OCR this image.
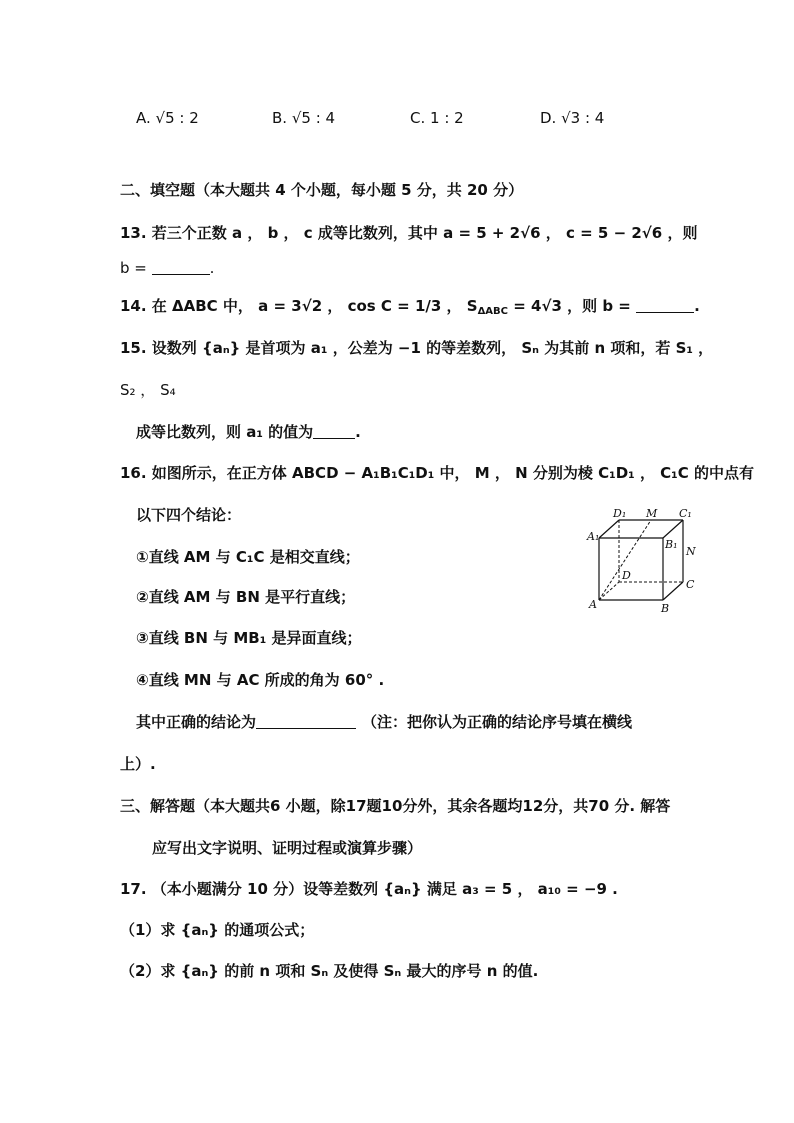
A. √5 : 2	B. √5 : 4	C. 1 : 2	D. √3 : 4
二、填空题（本大题共 4 个小题，每小题 5 分，共 20 分）
13. 若三个正数 a ， b ， c 成等比数列，其中 a = 5 + 2√6 ， c = 5 − 2√6 ，则
b =	.
14. 在 ΔABC 中， a = 3√2 ， cos C = 1/3 ， $S_{\Delta ABC} = 4√3$ ，则 b =	.
15. 设数列 {aₙ} 是首项为 a₁ ，公差为 −1 的等差数列， Sₙ 为其前 n 项和，若 S₁ ，
S₂ ， S₄
成等比数列，则 a₁ 的值为	.
16. 如图所示，在正方体 ABCD − A₁B₁C₁D₁ 中， M ， N 分别为棱 C₁D₁ ， C₁C 的中点有
以下四个结论：
①直线 AM 与 C₁C 是相交直线；
②直线 AM 与 BN 是平行直线；
③直线 BN 与 MB₁ 是异面直线；
④直线 MN 与 AC 所成的角为 60° .
其中正确的结论为	（注：把你认为正确的结论序号填在横线
上）.
D₁ M C₁
A₁
B₁
N
D
C
A	B
三、解答题（本大题共6 小题，除17题10分外，其余各题均12分，共70 分. 解答
应写出文字说明、证明过程或演算步骤）
17. （本小题满分 10 分）设等差数列 {aₙ} 满足 a₃ = 5 ， a₁₀ = −9 .
（1）求 {aₙ} 的通项公式；
（2）求 {aₙ} 的前 n 项和 Sₙ 及使得 Sₙ 最大的序号 n 的值.
